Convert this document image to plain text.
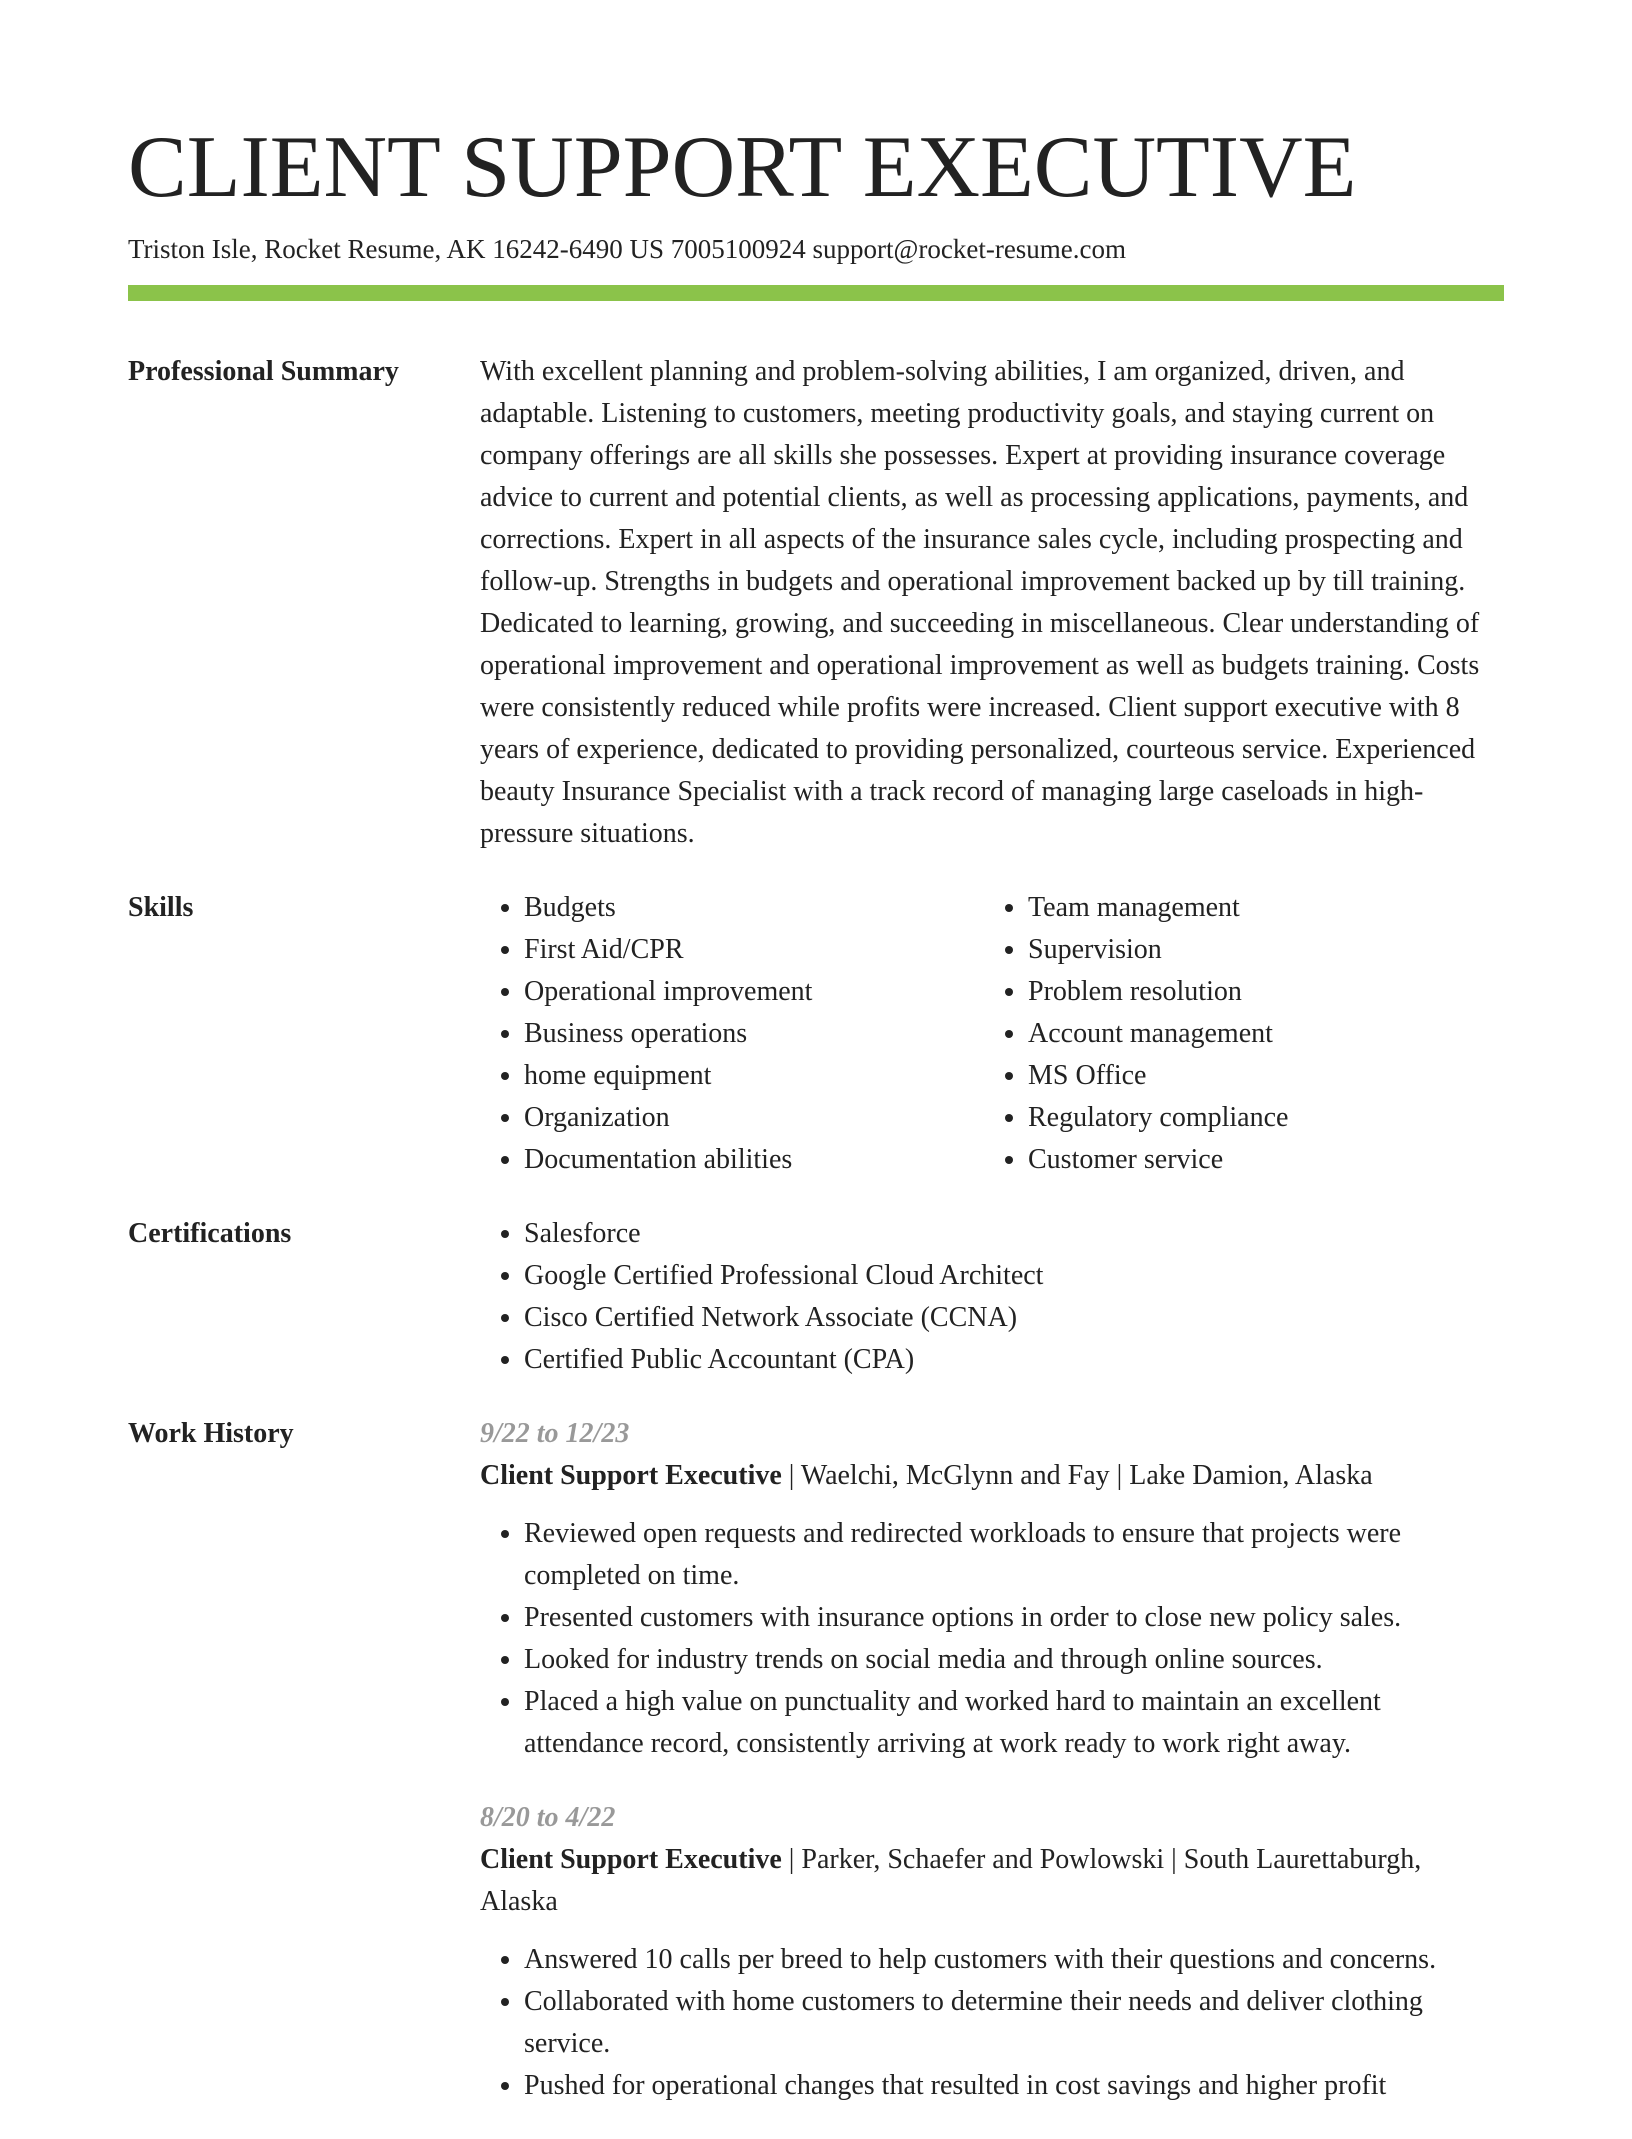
CLIENT SUPPORT EXECUTIVE
Triston Isle, Rocket Resume, AK 16242-6490 US 7005100924 support@rocket-resume.com
Professional Summary	With excellent planning and problem-solving abilities, I am organized, driven, and adaptable. Listening to customers, meeting productivity goals, and staying current on company offerings are all skills she possesses. Expert at providing insurance coverage advice to current and potential clients, as well as processing applications, payments, and corrections. Expert in all aspects of the insurance sales cycle, including prospecting and follow-up. Strengths in budgets and operational improvement backed up by till training. Dedicated to learning, growing, and succeeding in miscellaneous. Clear understanding of operational improvement and operational improvement as well as budgets training. Costs were consistently reduced while profits were increased. Client support executive with 8 years of experience, dedicated to providing personalized, courteous service. Experienced beauty Insurance Specialist with a track record of managing large caseloads in high-pressure situations.

Skills	• Budgets
• First Aid/CPR
• Operational improvement
• Business operations
• home equipment
• Organization
• Documentation abilities
• Team management
• Supervision
• Problem resolution
• Account management
• MS Office
• Regulatory compliance
• Customer service
Certifications	• Salesforce
• Google Certified Professional Cloud Architect
• Cisco Certified Network Associate (CCNA)
• Certified Public Accountant (CPA)
Work History	9/22 to 12/23

Client Support Executive | Waelchi, McGlynn and Fay | Lake Damion, Alaska

• Reviewed open requests and redirected workloads to ensure that projects were completed on time.
• Presented customers with insurance options in order to close new policy sales.
• Looked for industry trends on social media and through online sources.
• Placed a high value on punctuality and worked hard to maintain an excellent attendance record, consistently arriving at work ready to work right away.
8/20 to 4/22

Client Support Executive | Parker, Schaefer and Powlowski | South Laurettaburgh, Alaska

• Answered 10 calls per breed to help customers with their questions and concerns.
• Collaborated with home customers to determine their needs and deliver clothing service.
• Pushed for operational changes that resulted in cost savings and higher profit
